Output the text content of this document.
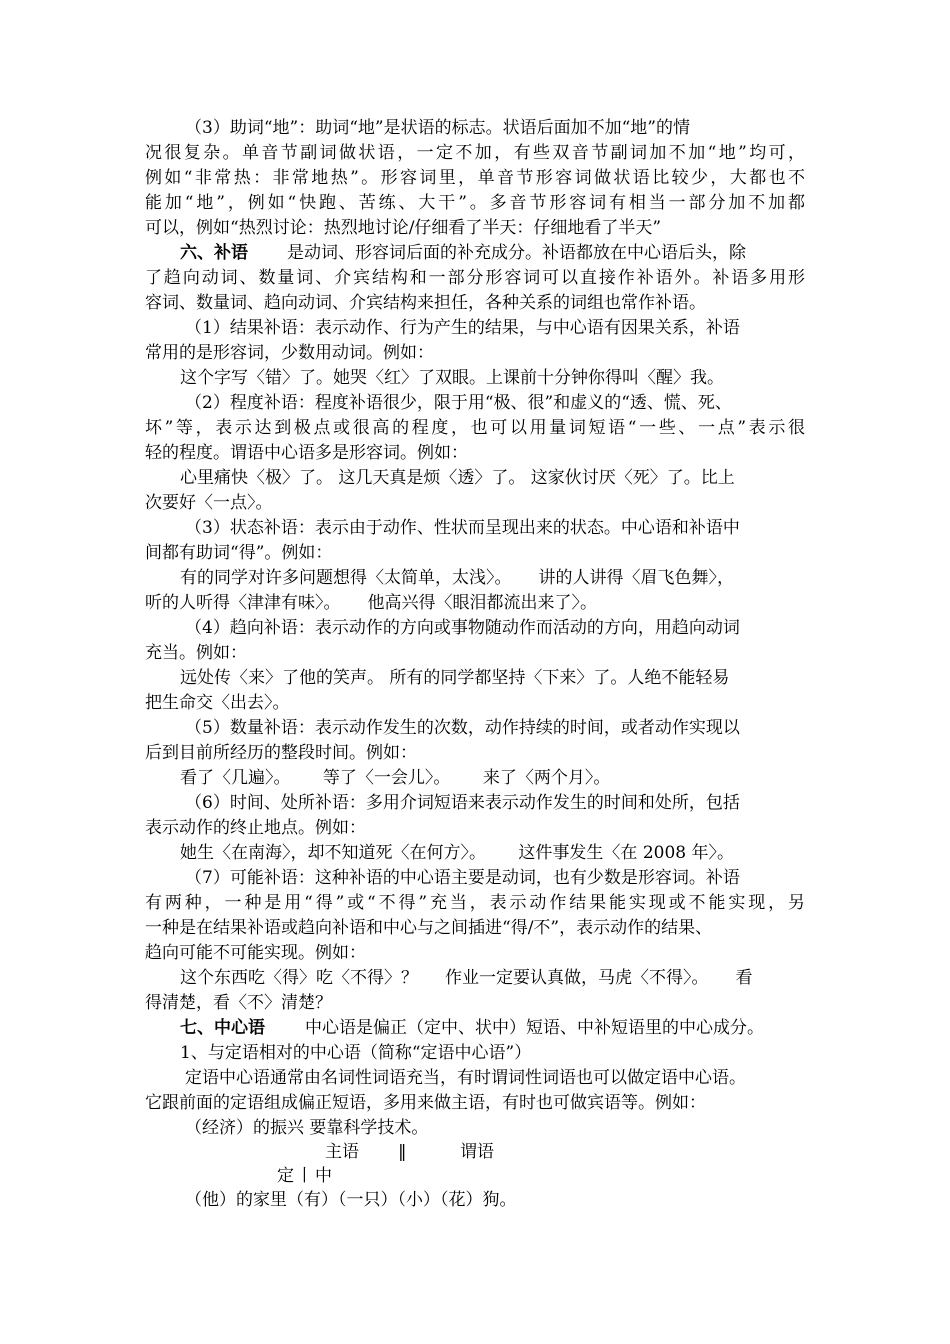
（3）助词“地”：助词“地”是状语的标志。状语后面加不加“地”的情
况很复杂。单音节副词做状语，一定不加，有些双音节副词加不加“地”均可，
例如“非常热：非常地热”。形容词里，单音节形容词做状语比较少，大都也不
能加“地”，例如“快跑、苦练、大干”。多音节形容词有相当一部分加不加都
可以，例如“热烈讨论：热烈地讨论/仔细看了半天：仔细地看了半天”
六、补语 是动词、形容词后面的补充成分。补语都放在中心语后头，除
了趋向动词、数量词、介宾结构和一部分形容词可以直接作补语外。补语多用形
容词、数量词、趋向动词、介宾结构来担任，各种关系的词组也常作补语。
（1）结果补语：表示动作、行为产生的结果，与中心语有因果关系，补语
常用的是形容词，少数用动词。例如：
这个字写〈错〉了。她哭〈红〉了双眼。上课前十分钟你得叫〈醒〉我。
（2）程度补语：程度补语很少，限于用“极、很”和虚义的“透、慌、死、
坏”等，表示达到极点或很高的程度，也可以用量词短语“一些、一点”表示很
轻的程度。谓语中心语多是形容词。例如：
心里痛快〈极〉了。 这几天真是烦〈透〉了。 这家伙讨厌〈死〉了。比上
次要好〈一点〉。
（3）状态补语：表示由于动作、性状而呈现出来的状态。中心语和补语中
间都有助词“得”。例如：
有的同学对许多问题想得〈太简单，太浅〉。     讲的人讲得〈眉飞色舞〉，
听的人听得〈津津有味〉。     他高兴得〈眼泪都流出来了〉。
（4）趋向补语：表示动作的方向或事物随动作而活动的方向，用趋向动词
充当。例如：
远处传〈来〉了他的笑声。 所有的同学都坚持〈下来〉了。人绝不能轻易
把生命交〈出去〉。
（5）数量补语：表示动作发生的次数，动作持续的时间，或者动作实现以
后到目前所经历的整段时间。例如：
看了〈几遍〉。      等了〈一会儿〉。      来了〈两个月〉。
（6）时间、处所补语：多用介词短语来表示动作发生的时间和处所，包括
表示动作的终止地点。例如：
她生〈在南海〉，却不知道死〈在何方〉。      这件事发生〈在 2008 年〉。
（7）可能补语：这种补语的中心语主要是动词，也有少数是形容词。补语
有两种，一种是用“得”或“不得”充当，表示动作结果能实现或不能实现，另
一种是在结果补语或趋向补语和中心与之间插进“得/不”，表示动作的结果、
趋向可能不可能实现。例如：
这个东西吃〈得〉吃〈不得〉？     作业一定要认真做，马虎〈不得〉。     看
得清楚，看〈不〉清楚？
七、中心语 中心语是偏正（定中、状中）短语、中补短语里的中心成分。
1、与定语相对的中心语（简称“定语中心语”）
定语中心语通常由名词性词语充当，有时谓词性词语也可以做定语中心语。
它跟前面的定语组成偏正短语，多用来做主语，有时也可做宾语等。例如：
（经济）的振兴 要靠科学技术。
主语 ‖	谓语
定 丨 中
（他）的家里（有）（一只）（小）（花）狗。
